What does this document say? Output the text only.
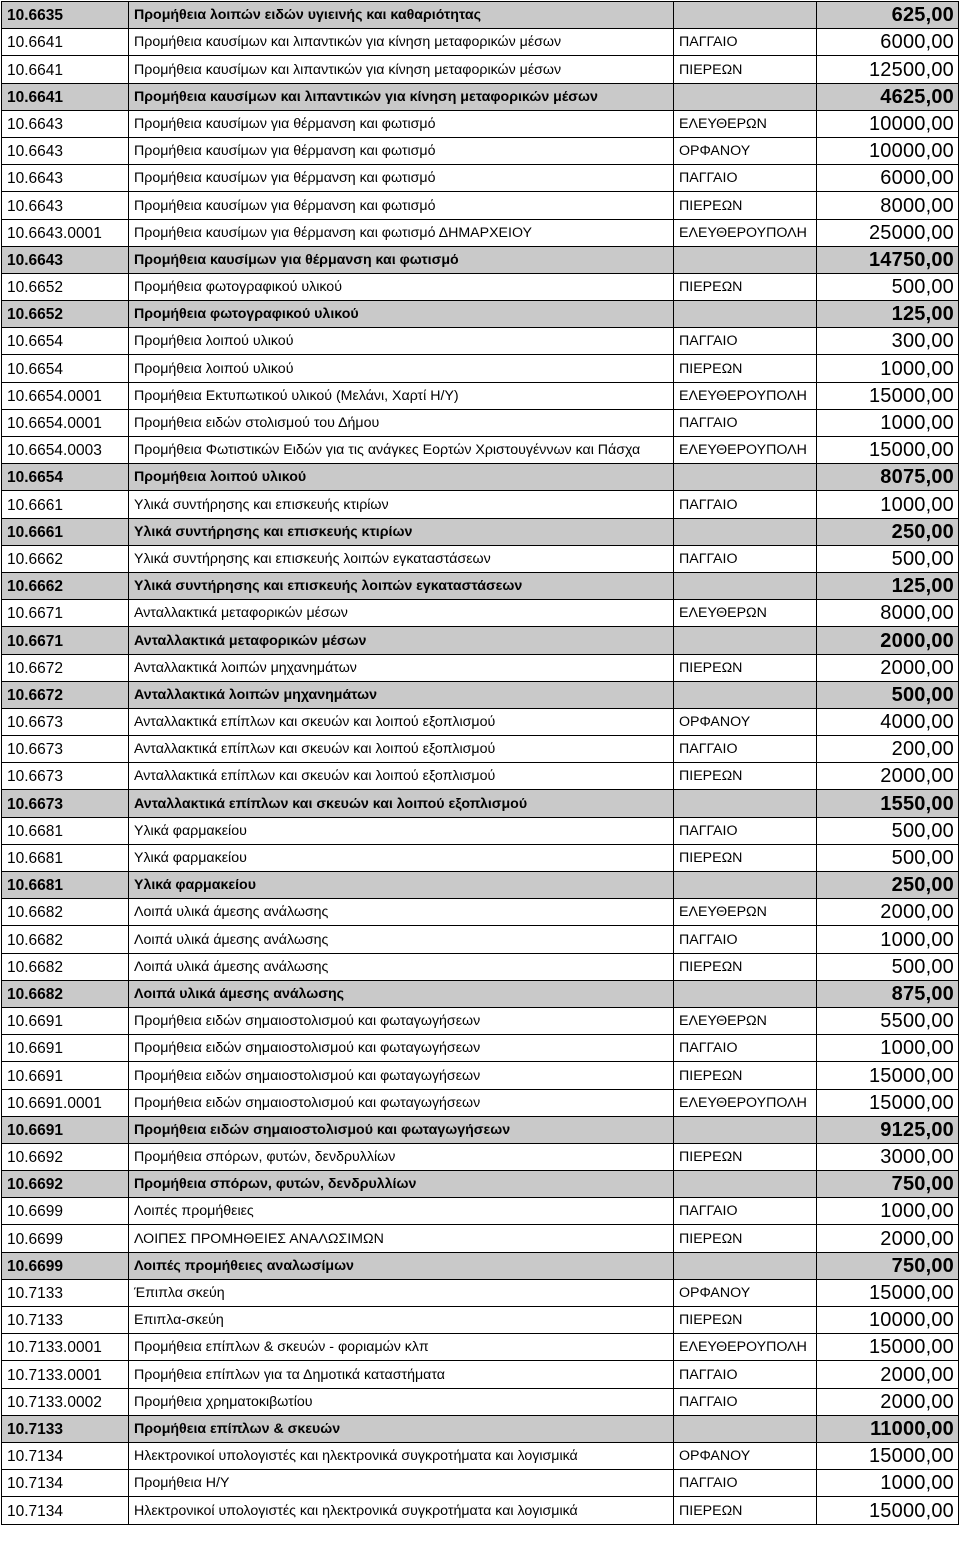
10.6635	Προμήθεια λοιπών ειδών υγιεινής και καθαριότητας		625,00
10.6641	Προμήθεια καυσίμων και λιπαντικών για κίνηση μεταφορικών μέσων	ΠΑΓΓΑΙΟ	6000,00
10.6641	Προμήθεια καυσίμων και λιπαντικών για κίνηση μεταφορικών μέσων	ΠΙΕΡΕΩΝ	12500,00
10.6641	Προμήθεια καυσίμων και λιπαντικών για κίνηση μεταφορικών μέσων		4625,00
10.6643	Προμήθεια καυσίμων για θέρμανση και φωτισμό	ΕΛΕΥΘΕΡΩΝ	10000,00
10.6643	Προμήθεια καυσίμων για θέρμανση και φωτισμό	ΟΡΦΑΝΟΥ	10000,00
10.6643	Προμήθεια καυσίμων για θέρμανση και φωτισμό	ΠΑΓΓΑΙΟ	6000,00
10.6643	Προμήθεια καυσίμων για θέρμανση και φωτισμό	ΠΙΕΡΕΩΝ	8000,00
10.6643.0001	Προμήθεια καυσίμων για θέρμανση και φωτισμό ΔΗΜΑΡΧΕΙΟΥ	ΕΛΕΥΘΕΡΟΥΠΟΛΗ	25000,00
10.6643	Προμήθεια καυσίμων για θέρμανση και φωτισμό		14750,00
10.6652	Προμήθεια φωτογραφικού υλικού	ΠΙΕΡΕΩΝ	500,00
10.6652	Προμήθεια φωτογραφικού υλικού		125,00
10.6654	Προμήθεια λοιπού υλικού	ΠΑΓΓΑΙΟ	300,00
10.6654	Προμήθεια λοιπού υλικού	ΠΙΕΡΕΩΝ	1000,00
10.6654.0001	Προμήθεια Εκτυπωτικού υλικού (Μελάνι, Χαρτί Η/Υ)	ΕΛΕΥΘΕΡΟΥΠΟΛΗ	15000,00
10.6654.0001	Προμήθεια ειδών στολισμού του Δήμου	ΠΑΓΓΑΙΟ	1000,00
10.6654.0003	Προμήθεια Φωτιστικών Ειδών για τις ανάγκες Εορτών Χριστουγέννων και Πάσχα	ΕΛΕΥΘΕΡΟΥΠΟΛΗ	15000,00
10.6654	Προμήθεια λοιπού υλικού		8075,00
10.6661	Υλικά συντήρησης και επισκευής κτιρίων	ΠΑΓΓΑΙΟ	1000,00
10.6661	Υλικά συντήρησης και επισκευής κτιρίων		250,00
10.6662	Υλικά συντήρησης και επισκευής λοιπών εγκαταστάσεων	ΠΑΓΓΑΙΟ	500,00
10.6662	Υλικά συντήρησης και επισκευής λοιπών εγκαταστάσεων		125,00
10.6671	Ανταλλακτικά μεταφορικών μέσων	ΕΛΕΥΘΕΡΩΝ	8000,00
10.6671	Ανταλλακτικά μεταφορικών μέσων		2000,00
10.6672	Ανταλλακτικά λοιπών μηχανημάτων	ΠΙΕΡΕΩΝ	2000,00
10.6672	Ανταλλακτικά λοιπών μηχανημάτων		500,00
10.6673	Ανταλλακτικά επίπλων και σκευών και λοιπού εξοπλισμού	ΟΡΦΑΝΟΥ	4000,00
10.6673	Ανταλλακτικά επίπλων και σκευών και λοιπού εξοπλισμού	ΠΑΓΓΑΙΟ	200,00
10.6673	Ανταλλακτικά επίπλων και σκευών και λοιπού εξοπλισμού	ΠΙΕΡΕΩΝ	2000,00
10.6673	Ανταλλακτικά επίπλων και σκευών και λοιπού εξοπλισμού		1550,00
10.6681	Υλικά φαρμακείου	ΠΑΓΓΑΙΟ	500,00
10.6681	Υλικά φαρμακείου	ΠΙΕΡΕΩΝ	500,00
10.6681	Υλικά φαρμακείου		250,00
10.6682	Λοιπά υλικά άμεσης ανάλωσης	ΕΛΕΥΘΕΡΩΝ	2000,00
10.6682	Λοιπά υλικά άμεσης ανάλωσης	ΠΑΓΓΑΙΟ	1000,00
10.6682	Λοιπά υλικά άμεσης ανάλωσης	ΠΙΕΡΕΩΝ	500,00
10.6682	Λοιπά υλικά άμεσης ανάλωσης		875,00
10.6691	Προμήθεια ειδών σημαιοστολισμού και φωταγωγήσεων	ΕΛΕΥΘΕΡΩΝ	5500,00
10.6691	Προμήθεια ειδών σημαιοστολισμού και φωταγωγήσεων	ΠΑΓΓΑΙΟ	1000,00
10.6691	Προμήθεια ειδών σημαιοστολισμού και φωταγωγήσεων	ΠΙΕΡΕΩΝ	15000,00
10.6691.0001	Προμήθεια ειδών σημαιοστολισμού και φωταγωγήσεων	ΕΛΕΥΘΕΡΟΥΠΟΛΗ	15000,00
10.6691	Προμήθεια ειδών σημαιοστολισμού και φωταγωγήσεων		9125,00
10.6692	Προμήθεια σπόρων, φυτών, δενδρυλλίων	ΠΙΕΡΕΩΝ	3000,00
10.6692	Προμήθεια σπόρων, φυτών, δενδρυλλίων		750,00
10.6699	Λοιπές προμήθειες	ΠΑΓΓΑΙΟ	1000,00
10.6699	ΛΟΙΠΕΣ ΠΡΟΜΗΘΕΙΕΣ ΑΝΑΛΩΣΙΜΩΝ	ΠΙΕΡΕΩΝ	2000,00
10.6699	Λοιπές προμήθειες αναλωσίμων		750,00
10.7133	Έπιπλα σκεύη	ΟΡΦΑΝΟΥ	15000,00
10.7133	Επιπλα-σκεύη	ΠΙΕΡΕΩΝ	10000,00
10.7133.0001	Προμήθεια επίπλων & σκευών - φοριαμών κλπ	ΕΛΕΥΘΕΡΟΥΠΟΛΗ	15000,00
10.7133.0001	Προμήθεια επίπλων για τα Δημοτικά καταστήματα	ΠΑΓΓΑΙΟ	2000,00
10.7133.0002	Προμήθεια χρηματοκιβωτίου	ΠΑΓΓΑΙΟ	2000,00
10.7133	Προμήθεια επίπλων & σκευών		11000,00
10.7134	Ηλεκτρονικοί υπολογιστές και ηλεκτρονικά συγκροτήματα και λογισμικά	ΟΡΦΑΝΟΥ	15000,00
10.7134	Προμήθεια Η/Υ	ΠΑΓΓΑΙΟ	1000,00
10.7134	Ηλεκτρονικοί υπολογιστές και ηλεκτρονικά συγκροτήματα και λογισμικά	ΠΙΕΡΕΩΝ	15000,00
